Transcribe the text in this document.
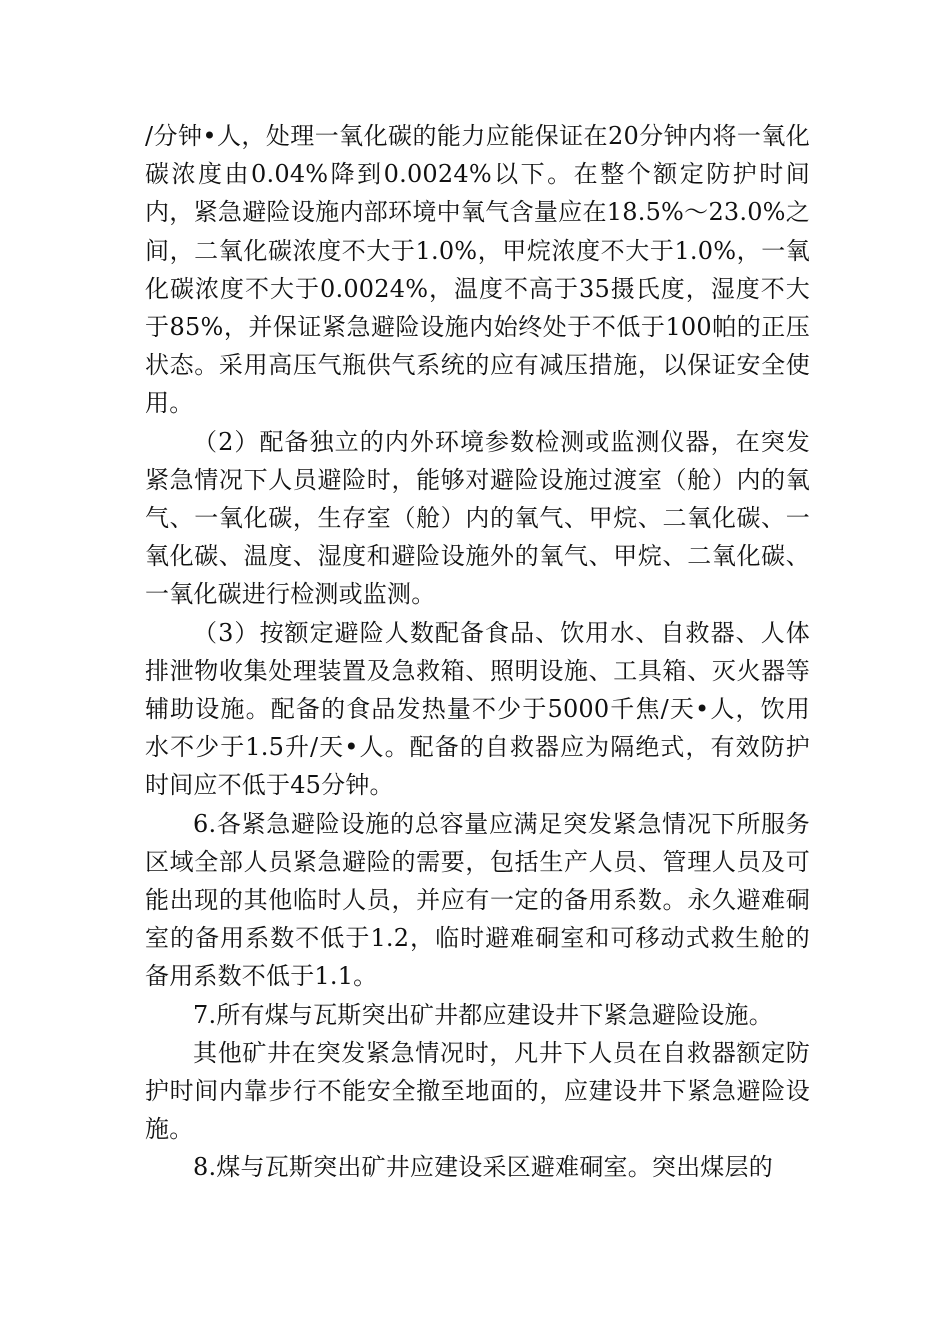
/分钟•人，处理一氧化碳的能力应能保证在20分钟内将一氧化碳浓度由0.04%降到0.0024%以下。在整个额定防护时间内，紧急避险设施内部环境中氧气含量应在18.5%～23.0%之间，二氧化碳浓度不大于1.0%，甲烷浓度不大于1.0%，一氧化碳浓度不大于0.0024%，温度不高于35摄氏度，湿度不大于85%，并保证紧急避险设施内始终处于不低于100帕的正压状态。采用高压气瓶供气系统的应有减压措施，以保证安全使用。

（2）配备独立的内外环境参数检测或监测仪器，在突发紧急情况下人员避险时，能够对避险设施过渡室（舱）内的氧气、一氧化碳，生存室（舱）内的氧气、甲烷、二氧化碳、一氧化碳、温度、湿度和避险设施外的氧气、甲烷、二氧化碳、一氧化碳进行检测或监测。

（3）按额定避险人数配备食品、饮用水、自救器、人体排泄物收集处理装置及急救箱、照明设施、工具箱、灭火器等辅助设施。配备的食品发热量不少于5000千焦/天•人，饮用水不少于1.5升/天•人。配备的自救器应为隔绝式，有效防护时间应不低于45分钟。

6.各紧急避险设施的总容量应满足突发紧急情况下所服务区域全部人员紧急避险的需要，包括生产人员、管理人员及可能出现的其他临时人员，并应有一定的备用系数。永久避难硐室的备用系数不低于1.2，临时避难硐室和可移动式救生舱的备用系数不低于1.1。

7.所有煤与瓦斯突出矿井都应建设井下紧急避险设施。

其他矿井在突发紧急情况时，凡井下人员在自救器额定防护时间内靠步行不能安全撤至地面的，应建设井下紧急避险设施。

8.煤与瓦斯突出矿井应建设采区避难硐室。突出煤层的
